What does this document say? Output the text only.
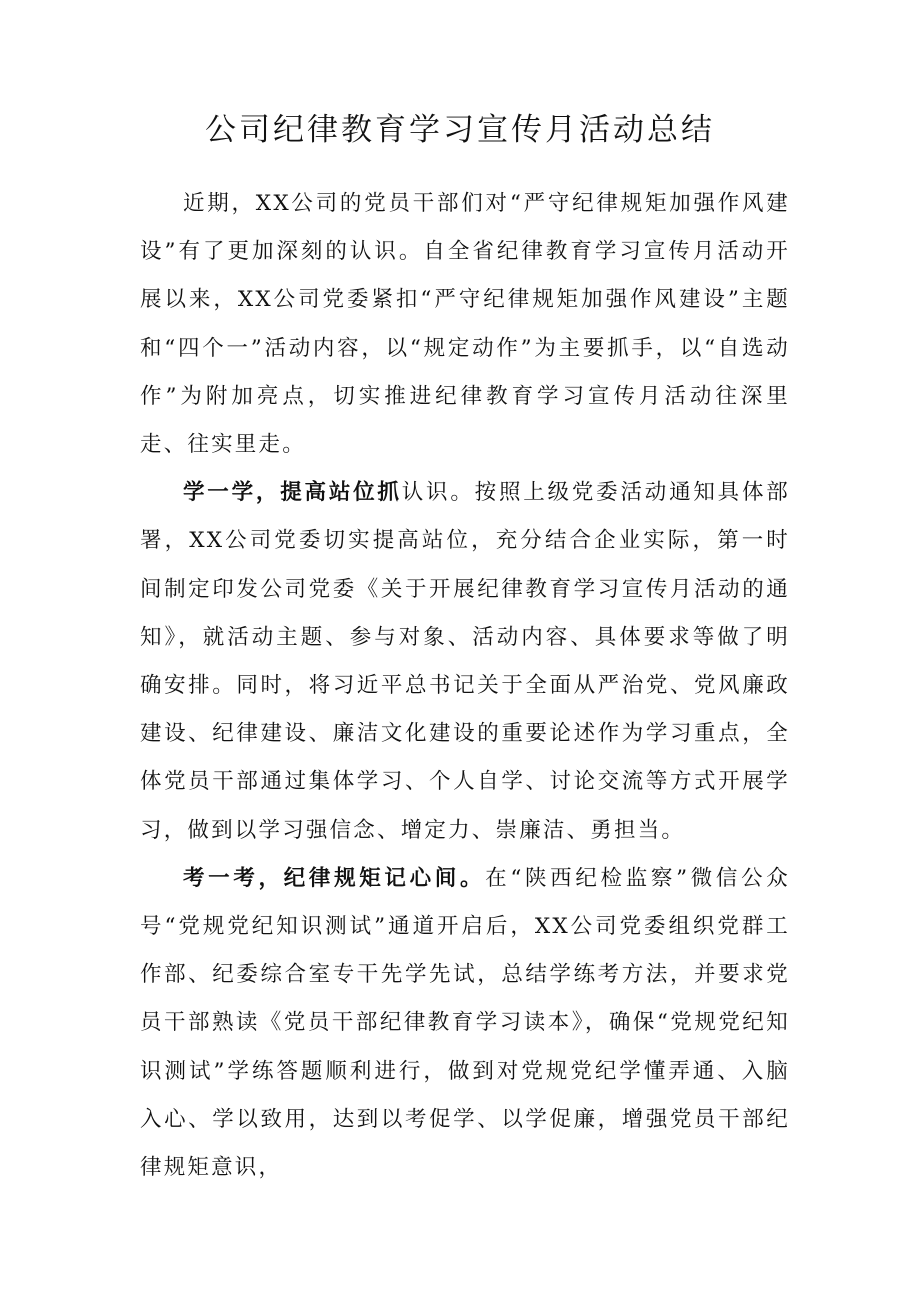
公司纪律教育学习宣传月活动总结

近期，XX公司的党员干部们对“严守纪律规矩加强作风建设”有了更加深刻的认识。自全省纪律教育学习宣传月活动开展以来，XX公司党委紧扣“严守纪律规矩加强作风建设”主题和“四个一”活动内容，以“规定动作”为主要抓手，以“自选动作”为附加亮点，切实推进纪律教育学习宣传月活动往深里走、往实里走。

学一学，提高站位抓认识。按照上级党委活动通知具体部署，XX公司党委切实提高站位，充分结合企业实际，第一时间制定印发公司党委《关于开展纪律教育学习宣传月活动的通知》，就活动主题、参与对象、活动内容、具体要求等做了明确安排。同时，将习近平总书记关于全面从严治党、党风廉政建设、纪律建设、廉洁文化建设的重要论述作为学习重点，全体党员干部通过集体学习、个人自学、讨论交流等方式开展学习，做到以学习强信念、增定力、崇廉洁、勇担当。

考一考，纪律规矩记心间。在“陕西纪检监察”微信公众号“党规党纪知识测试”通道开启后，XX公司党委组织党群工作部、纪委综合室专干先学先试，总结学练考方法，并要求党员干部熟读《党员干部纪律教育学习读本》，确保“党规党纪知识测试”学练答题顺利进行，做到对党规党纪学懂弄通、入脑入心、学以致用，达到以考促学、以学促廉，增强党员干部纪律规矩意识，
